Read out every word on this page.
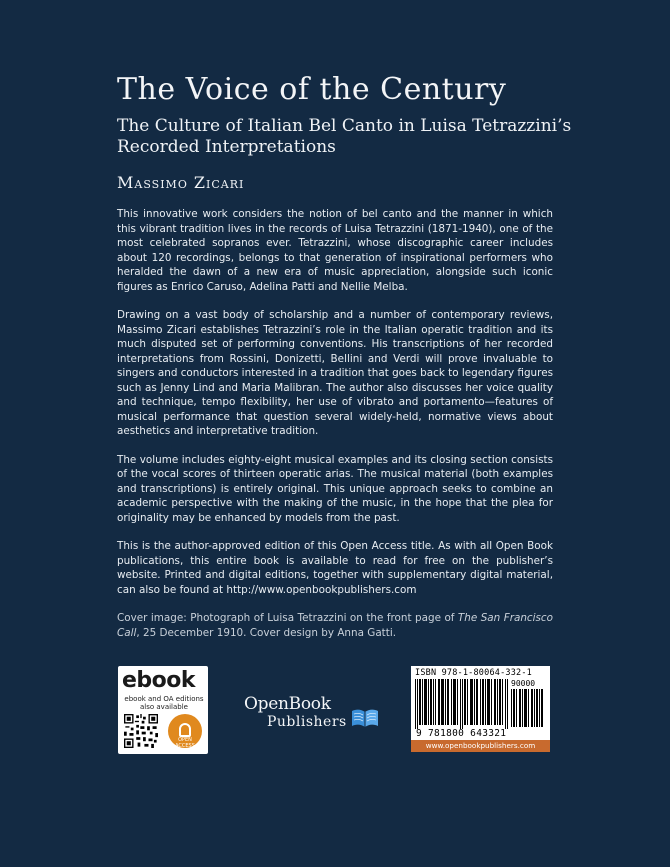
The Voice of the Century
The Culture of Italian Bel Canto in Luisa Tetrazzini’s Recorded Interpretations
Massimo Zicari

This innovative work considers the notion of bel canto and the manner in which this vibrant tradition lives in the records of Luisa Tetrazzini (1871-1940), one of the most celebrated sopranos ever. Tetrazzini, whose discographic career includes about 120 recordings, belongs to that generation of inspirational performers who heralded the dawn of a new era of music appreciation, alongside such iconic figures as Enrico Caruso, Adelina Patti and Nellie Melba.

Drawing on a vast body of scholarship and a number of contemporary reviews, Massimo Zicari establishes Tetrazzini’s role in the Italian operatic tradition and its much disputed set of performing conventions. His transcriptions of her recorded interpretations from Rossini, Donizetti, Bellini and Verdi will prove invaluable to singers and conductors interested in a tradition that goes back to legendary figures such as Jenny Lind and Maria Malibran. The author also discusses her voice quality and technique, tempo flexibility, her use of vibrato and portamento—features of musical performance that question several widely-held, normative views about aesthetics and interpretative tradition.

The volume includes eighty-eight musical examples and its closing section consists of the vocal scores of thirteen operatic arias. The musical material (both examples and transcriptions) is entirely original. This unique approach seeks to combine an academic perspective with the making of the music, in the hope that the plea for originality may be enhanced by models from the past.

This is the author-approved edition of this Open Access title. As with all Open Book publications, this entire book is available to read for free on the publisher’s website. Printed and digital editions, together with supplementary digital material, can also be found at http://www.openbookpublishers.com

Cover image: Photograph of Luisa Tetrazzini on the front page of The San Francisco Call, 25 December 1910. Cover design by Anna Gatti.

ebook
ebook and OA editions also available
OPEN ACCESS
OpenBook
Publishers
ISBN 978-1-80064-332-1
90000
9 781800 643321
www.openbookpublishers.com
